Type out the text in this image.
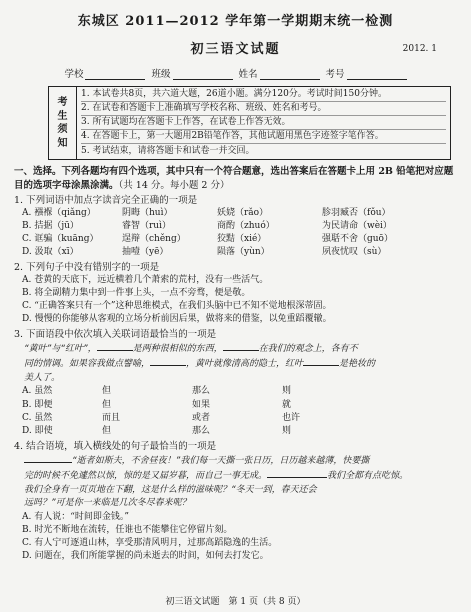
东城区 2011—2012 学年第一学期期末统一检测
初三语文试题	2012. 1
学校	班级	姓名	考号
考
生
须
知
1. 本试卷共8页，共六道大题，26道小题。满分120分。考试时间150分钟。
2. 在试卷和答题卡上准确填写学校名称、班级、姓名和考号。
3. 所有试题均在答题卡上作答，在试卷上作答无效。
4. 在答题卡上，第一大题用2B铅笔作答，其他试题用黑色字迹签字笔作答。
5. 考试结束，请将答题卡和试卷一并交回。
一、选择。下列各题均有四个选项，其中只有一个符合题意，选出答案后在答题卡上用 2B 铅笔把对应题目的选项字母涂黑涂满。（共 14 分。每小题 2 分）
1. 下列词语中加点字读音完全正确的一项是
A. 襁褓（qiǎng）	阴晦（huì）	妖娆（rǎo）	胗羽臧否（fǒu）
B. 拮据（jū）	睿智（ruì）	商酌（zhuó）	为民请命（wèi）
C. 诓骗（kuāng）	逞辩（chěng）	狡黠（xié）	强聒不舍（guō）
D. 汲取（xī）	抽噎（yē）	陨落（yùn）	夙夜忧叹（sù）
2. 下列句子中没有错别字的一项是
A. 苍黄的天底下，远近横着几个萧索的荒村，没有一些活气。
B. 将全副精力集中到一件事上头，一点不旁骛，便是敬。
C. “正确答案只有一个”这种思维模式，在我们头脑中已不知不觉地根深蒂固。
D. 慢慢的你能够从客观的立场分析前因后果，做将来的借鉴，以免重蹈覆辙。
3. 下面语段中依次填入关联词语最恰当的一项是
“黄叶”与“红叶”，	是两种很相似的东西，	在我们的观念上，各有不
同的情调。如果容我做点譬喻，	，黄叶就像清高的隐士，红叶	是艳妆的
美人了。
A. 虽然	但	那么	则
B. 即便	但	如果	就
C. 虽然	而且	或者	也许
D. 即使	但	那么	则
4. 结合语境，填入横线处的句子最恰当的一项是
“逝者如斯夫，不舍昼夜！”我们每一天撕一张日历，日历越来越薄，快要撕
完的时候不免遽然以惊，惊的是又届岁暮，而自己一事无成。	我们全都有点吃惊。
我们全身有一页页地在下翻，这是什么样的滋味呢？“冬天一到，春天还会
远吗？”可是你一来临是几次冬尽春来呢？
A. 有人说：“时间即金钱。”
B. 时光不断地在流转，任谁也不能攀住它停留片刻。
C. 有人宁可逐逍山林，享受那清风明月，过那高蹈隐逸的生活。
D. 问题在，我们所能掌握的尚未逝去的时间，如何去打发它。
初三语文试题　第 1 页（共 8 页）
